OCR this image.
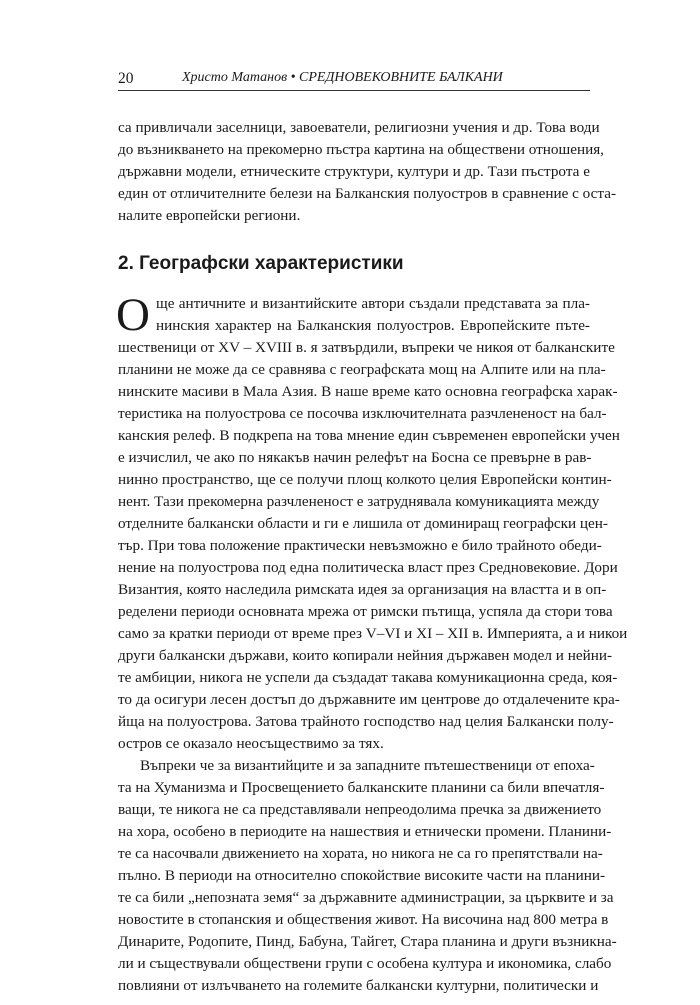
20	Христо Матанов • СРЕДНОВЕКОВНИТЕ БАЛКАНИ
са привличали заселници, завоеватели, религиозни учения и др. Това води
до възникването на прекомерно пъстра картина на обществени отношения,
държавни модели, етническите структури, култури и др. Тази пъстрота е
един от отличителните белези на Балканския полуостров в сравнение с оста-
налите европейски региони.
2. Географски характеристики
О ще античните и византийските автори създали представата за пла-
нинския характер на Балканския полуостров. Европейските пъте-
шественици от XV – XVIII в. я затвърдили, въпреки че никоя от балканските
планини не може да се сравнява с географската мощ на Алпите или на пла-
нинските масиви в Мала Азия. В наше време като основна географска харак-
теристика на полуострова се посочва изключителната разчлененост на бал-
канския релеф. В подкрепа на това мнение един съвременен европейски учен
е изчислил, че ако по някакъв начин релефът на Босна се превърне в рав-
нинно пространство, ще се получи площ колкото целия Европейски контин-
нент. Тази прекомерна разчлененост е затруднявала комуникацията между
отделните балкански области и ги е лишила от доминиращ географски цен-
тър. При това положение практически невъзможно е било трайното обеди-
нение на полуострова под една политическа власт през Средновековие. Дори
Византия, която наследила римската идея за организация на властта и в оп-
ределени периоди основната мрежа от римски пътища, успяла да стори това
само за кратки периоди от време през V–VI и XI – XII в. Империята, а и никои
други балкански държави, които копирали нейния държавен модел и нейни-
те амбиции, никога не успели да създадат такава комуникационна среда, коя-
то да осигури лесен достъп до държавните им центрове до отдалечените кра-
йща на полуострова. Затова трайното господство над целия Балкански полу-
остров се оказало неосъществимо за тях.
Въпреки че за византийците и за западните пътешественици от епоха-
та на Хуманизма и Просвещението балканските планини са били впечатля-
ващи, те никога не са представлявали непреодолима пречка за движението
на хора, особено в периодите на нашествия и етнически промени. Планини-
те са насочвали движението на хората, но никога не са го препятствали на-
пълно. В периоди на относително спокойствие високите части на планини-
те са били „непозната земя“ за държавните администрации, за църквите и за
новостите в стопанския и обществения живот. На височина над 800 метра в
Динарите, Родопите, Пинд, Бабуна, Тайгет, Стара планина и други възникна-
ли и съществували обществени групи с особена култура и икономика, слабо
повлияни от излъчването на големите балкански културни, политически и
